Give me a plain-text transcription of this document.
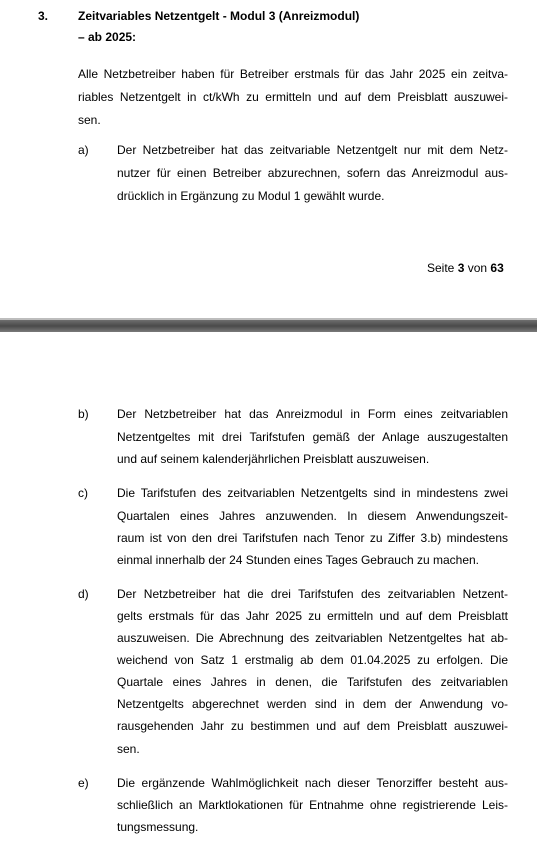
3. Zeitvariables Netzentgelt - Modul 3 (Anreizmodul)
– ab 2025:
Alle Netzbetreiber haben für Betreiber erstmals für das Jahr 2025 ein zeitva-
riables Netzentgelt in ct/kWh zu ermitteln und auf dem Preisblatt auszuwei-
sen.
a) Der Netzbetreiber hat das zeitvariable Netzentgelt nur mit dem Netz-
nutzer für einen Betreiber abzurechnen, sofern das Anreizmodul aus-
drücklich in Ergänzung zu Modul 1 gewählt wurde.
Seite 3 von 63
b) Der Netzbetreiber hat das Anreizmodul in Form eines zeitvariablen
Netzentgeltes mit drei Tarifstufen gemäß der Anlage auszugestalten
und auf seinem kalenderjährlichen Preisblatt auszuweisen.
c) Die Tarifstufen des zeitvariablen Netzentgelts sind in mindestens zwei
Quartalen eines Jahres anzuwenden. In diesem Anwendungszeit-
raum ist von den drei Tarifstufen nach Tenor zu Ziffer 3.b) mindestens
einmal innerhalb der 24 Stunden eines Tages Gebrauch zu machen.
d) Der Netzbetreiber hat die drei Tarifstufen des zeitvariablen Netzent-
gelts erstmals für das Jahr 2025 zu ermitteln und auf dem Preisblatt
auszuweisen. Die Abrechnung des zeitvariablen Netzentgeltes hat ab-
weichend von Satz 1 erstmalig ab dem 01.04.2025 zu erfolgen. Die
Quartale eines Jahres in denen, die Tarifstufen des zeitvariablen
Netzentgelts abgerechnet werden sind in dem der Anwendung vo-
rausgehenden Jahr zu bestimmen und auf dem Preisblatt auszuwei-
sen.
e) Die ergänzende Wahlmöglichkeit nach dieser Tenorziffer besteht aus-
schließlich an Marktlokationen für Entnahme ohne registrierende Leis-
tungsmessung.
